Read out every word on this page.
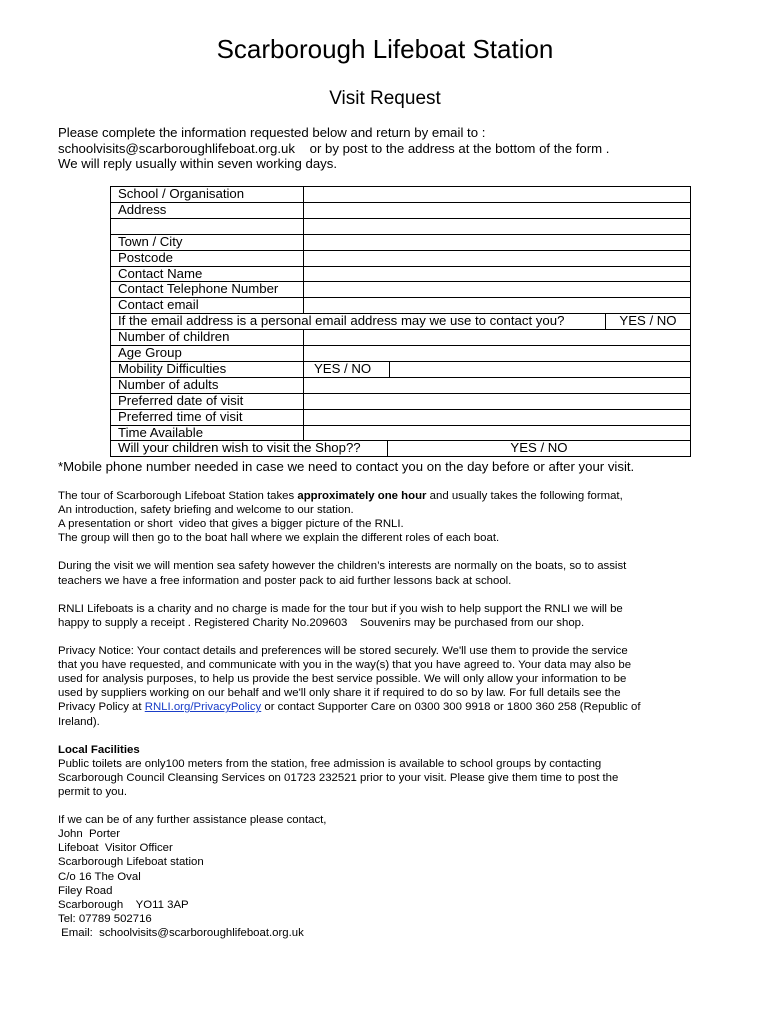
Scarborough Lifeboat Station
Visit Request
Please complete the information requested below and return by email to :
schoolvisits@scarboroughlifeboat.org.uk    or by post to the address at the bottom of the form .
We will reply usually within seven working days.
School / Organisation	
Address	

Town / City	
Postcode	
Contact Name	
Contact Telephone Number	
Contact email	
If the email address is a personal email address may we use to contact you?	YES / NO
Number of children	
Age Group	
Mobility Difficulties		YES / NO	

Number of adults	
Preferred date of visit	
Preferred time of visit	
Time Available	

Will your children wish to visit the Shop??	YES / NO
*Mobile phone number needed in case we need to contact you on the day before or after your visit.

The tour of Scarborough Lifeboat Station takes approximately one hour and usually takes the following format,
An introduction, safety briefing and welcome to our station.
A presentation or short  video that gives a bigger picture of the RNLI.
The group will then go to the boat hall where we explain the different roles of each boat.

During the visit we will mention sea safety however the children’s interests are normally on the boats, so to assist
teachers we have a free information and poster pack to aid further lessons back at school.

RNLI Lifeboats is a charity and no charge is made for the tour but if you wish to help support the RNLI we will be
happy to supply a receipt . Registered Charity No.209603    Souvenirs may be purchased from our shop.

Privacy Notice: Your contact details and preferences will be stored securely. We'll use them to provide the service
that you have requested, and communicate with you in the way(s) that you have agreed to. Your data may also be
used for analysis purposes, to help us provide the best service possible. We will only allow your information to be
used by suppliers working on our behalf and we'll only share it if required to do so by law. For full details see the
Privacy Policy at RNLI.org/PrivacyPolicy or contact Supporter Care on 0300 300 9918 or 1800 360 258 (Republic of
Ireland).

Local Facilities
Public toilets are only100 meters from the station, free admission is available to school groups by contacting
Scarborough Council Cleansing Services on 01723 232521 prior to your visit. Please give them time to post the
permit to you.

If we can be of any further assistance please contact,
John  Porter
Lifeboat  Visitor Officer
Scarborough Lifeboat station
C/o 16 The Oval
Filey Road
Scarborough    YO11 3AP
Tel: 07789 502716
Email:  schoolvisits@scarboroughlifeboat.org.uk
